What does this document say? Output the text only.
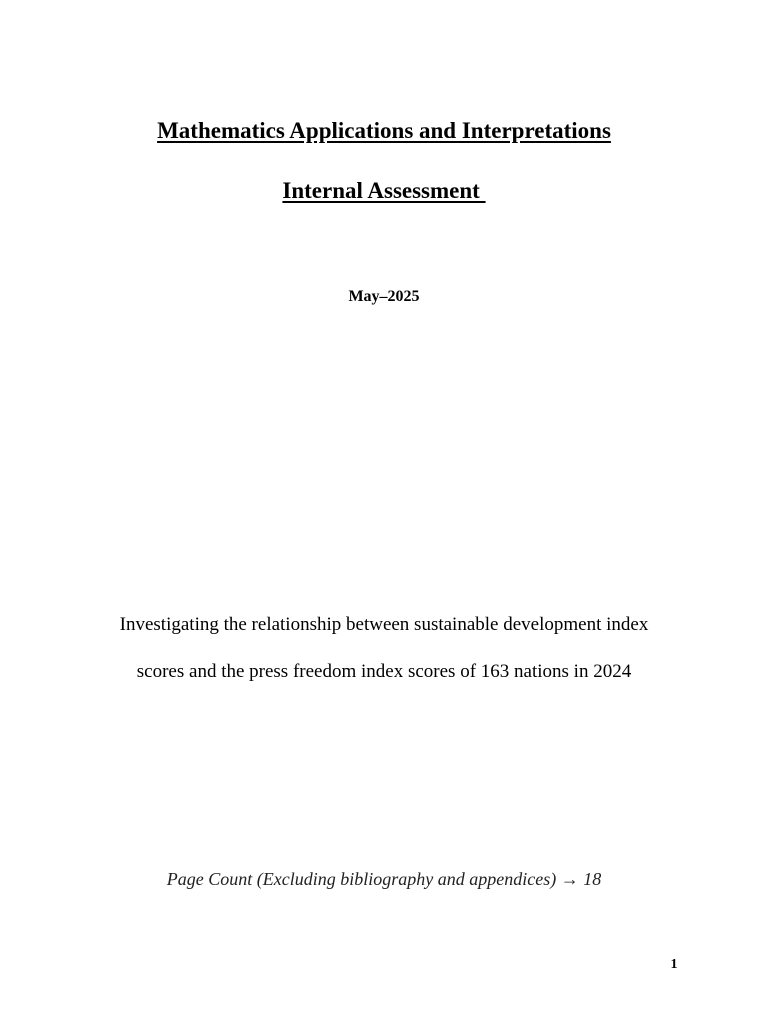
Mathematics Applications and Interpretations
Internal Assessment
May–2025
Investigating the relationship between sustainable development index
scores and the press freedom index scores of 163 nations in 2024
Page Count (Excluding bibliography and appendices) → 18
1
